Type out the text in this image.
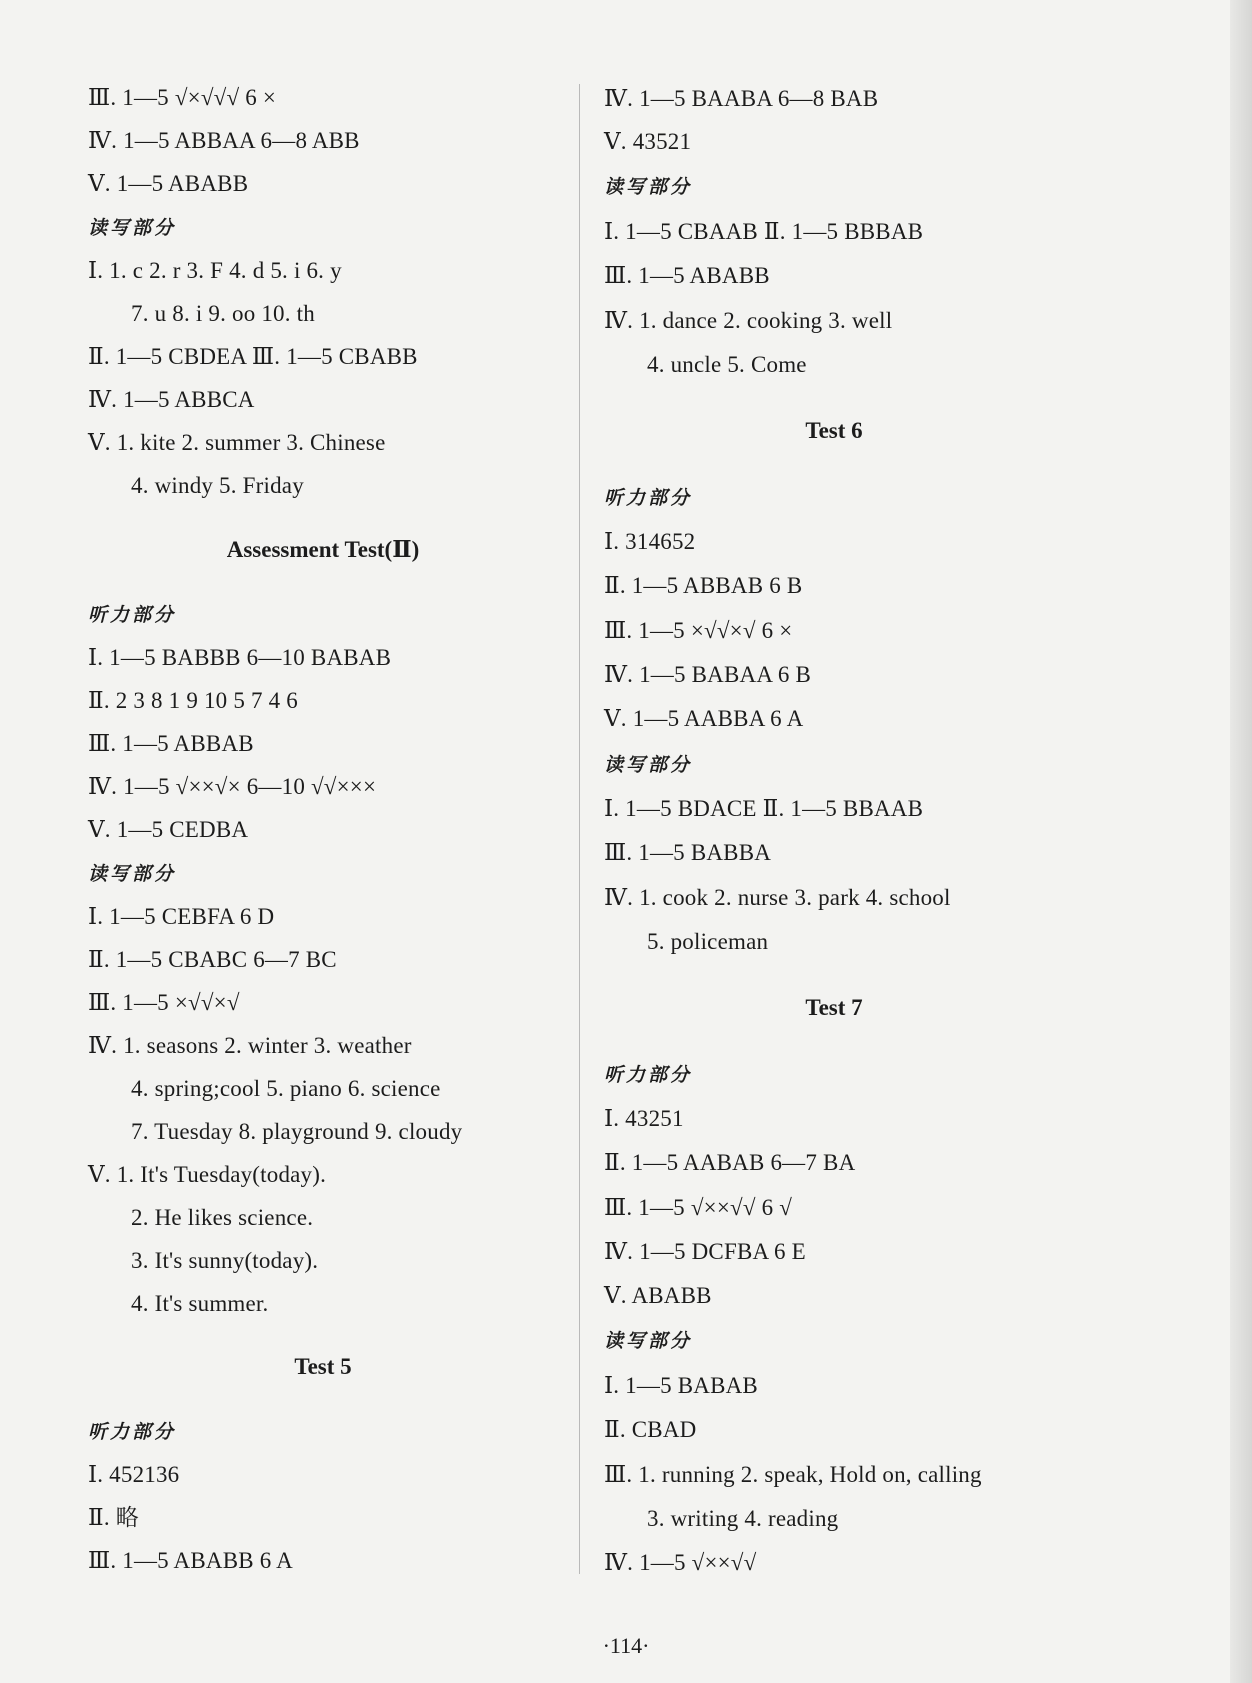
Ⅲ. 1—5 √×√√√ 6 ×
Ⅳ. 1—5 ABBAA 6—8 ABB
Ⅴ. 1—5 ABABB
读写部分
Ⅰ. 1. c 2. r 3. F 4. d 5. i 6. y
7. u 8. i 9. oo 10. th
Ⅱ. 1—5 CBDEA Ⅲ. 1—5 CBABB
Ⅳ. 1—5 ABBCA
Ⅴ. 1. kite 2. summer 3. Chinese
4. windy 5. Friday
Assessment Test(Ⅱ)
听力部分
Ⅰ. 1—5 BABBB 6—10 BABAB
Ⅱ. 2 3 8 1 9 10 5 7 4 6
Ⅲ. 1—5 ABBAB
Ⅳ. 1—5 √××√× 6—10 √√×××
Ⅴ. 1—5 CEDBA
读写部分
Ⅰ. 1—5 CEBFA 6 D
Ⅱ. 1—5 CBABC 6—7 BC
Ⅲ. 1—5 ×√√×√
Ⅳ. 1. seasons 2. winter 3. weather
4. spring;cool 5. piano 6. science
7. Tuesday 8. playground 9. cloudy
Ⅴ. 1. It's Tuesday(today).
2. He likes science.
3. It's sunny(today).
4. It's summer.
Test 5
听力部分
Ⅰ. 452136
Ⅱ. 略
Ⅲ. 1—5 ABABB 6 A
Ⅳ. 1—5 BAABA 6—8 BAB
Ⅴ. 43521
读写部分
Ⅰ. 1—5 CBAAB Ⅱ. 1—5 BBBAB
Ⅲ. 1—5 ABABB
Ⅳ. 1. dance 2. cooking 3. well
4. uncle 5. Come
Test 6
听力部分
Ⅰ. 314652
Ⅱ. 1—5 ABBAB 6 B
Ⅲ. 1—5 ×√√×√ 6 ×
Ⅳ. 1—5 BABAA 6 B
Ⅴ. 1—5 AABBA 6 A
读写部分
Ⅰ. 1—5 BDACE Ⅱ. 1—5 BBAAB
Ⅲ. 1—5 BABBA
Ⅳ. 1. cook 2. nurse 3. park 4. school
5. policeman
Test 7
听力部分
Ⅰ. 43251
Ⅱ. 1—5 AABAB 6—7 BA
Ⅲ. 1—5 √××√√ 6 √
Ⅳ. 1—5 DCFBA 6 E
Ⅴ. ABABB
读写部分
Ⅰ. 1—5 BABAB
Ⅱ. CBAD
Ⅲ. 1. running 2. speak, Hold on, calling
3. writing 4. reading
Ⅳ. 1—5 √××√√
·114·
